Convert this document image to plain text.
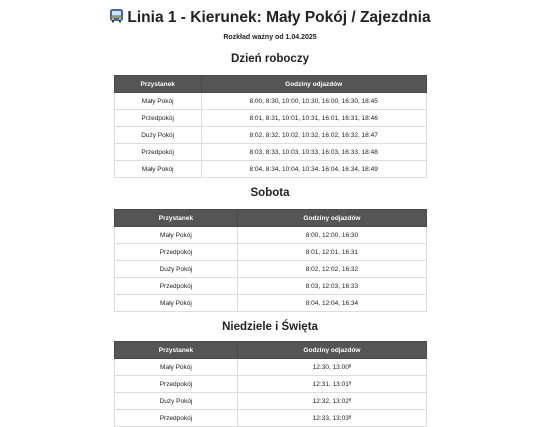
Linia 1 - Kierunek: Mały Pokój / Zajezdnia
Rozkład ważny od 1.04.2025
Dzień roboczy
Przystanek	Godziny odjazdów
Mały Pokój	8:00, 8:30, 10:00, 10:30, 16:00, 16:30, 18:45
Przedpokój	8:01, 8:31, 10:01, 10:31, 16:01, 16:31, 18:46
Duży Pokój	8:02, 8:32, 10:02, 10:32, 16:02, 16:32, 18:47
Przedpokój	8:03, 8:33, 10:03, 10:33, 16:03, 16:33, 18:48
Mały Pokój	8:04, 8:34, 10:04, 10:34, 16:04, 16:34, 18:49
Sobota
Przystanek	Godziny odjazdów
Mały Pokój	8:00, 12:00, 16:30
Przedpokój	8:01, 12:01, 16:31
Duży Pokój	8:02, 12:02, 16:32
Przedpokój	8:03, 12:03, 16:33
Mały Pokój	8:04, 12:04, 16:34
Niedziele i Święta
Przystanek	Godziny odjazdów
Mały Pokój	12:30, 13:00ᶿ
Przedpokój	12:31, 13:01ᶿ
Duży Pokój	12:32, 13:02ᶿ
Przedpokój	12:33, 13:03ᶿ
